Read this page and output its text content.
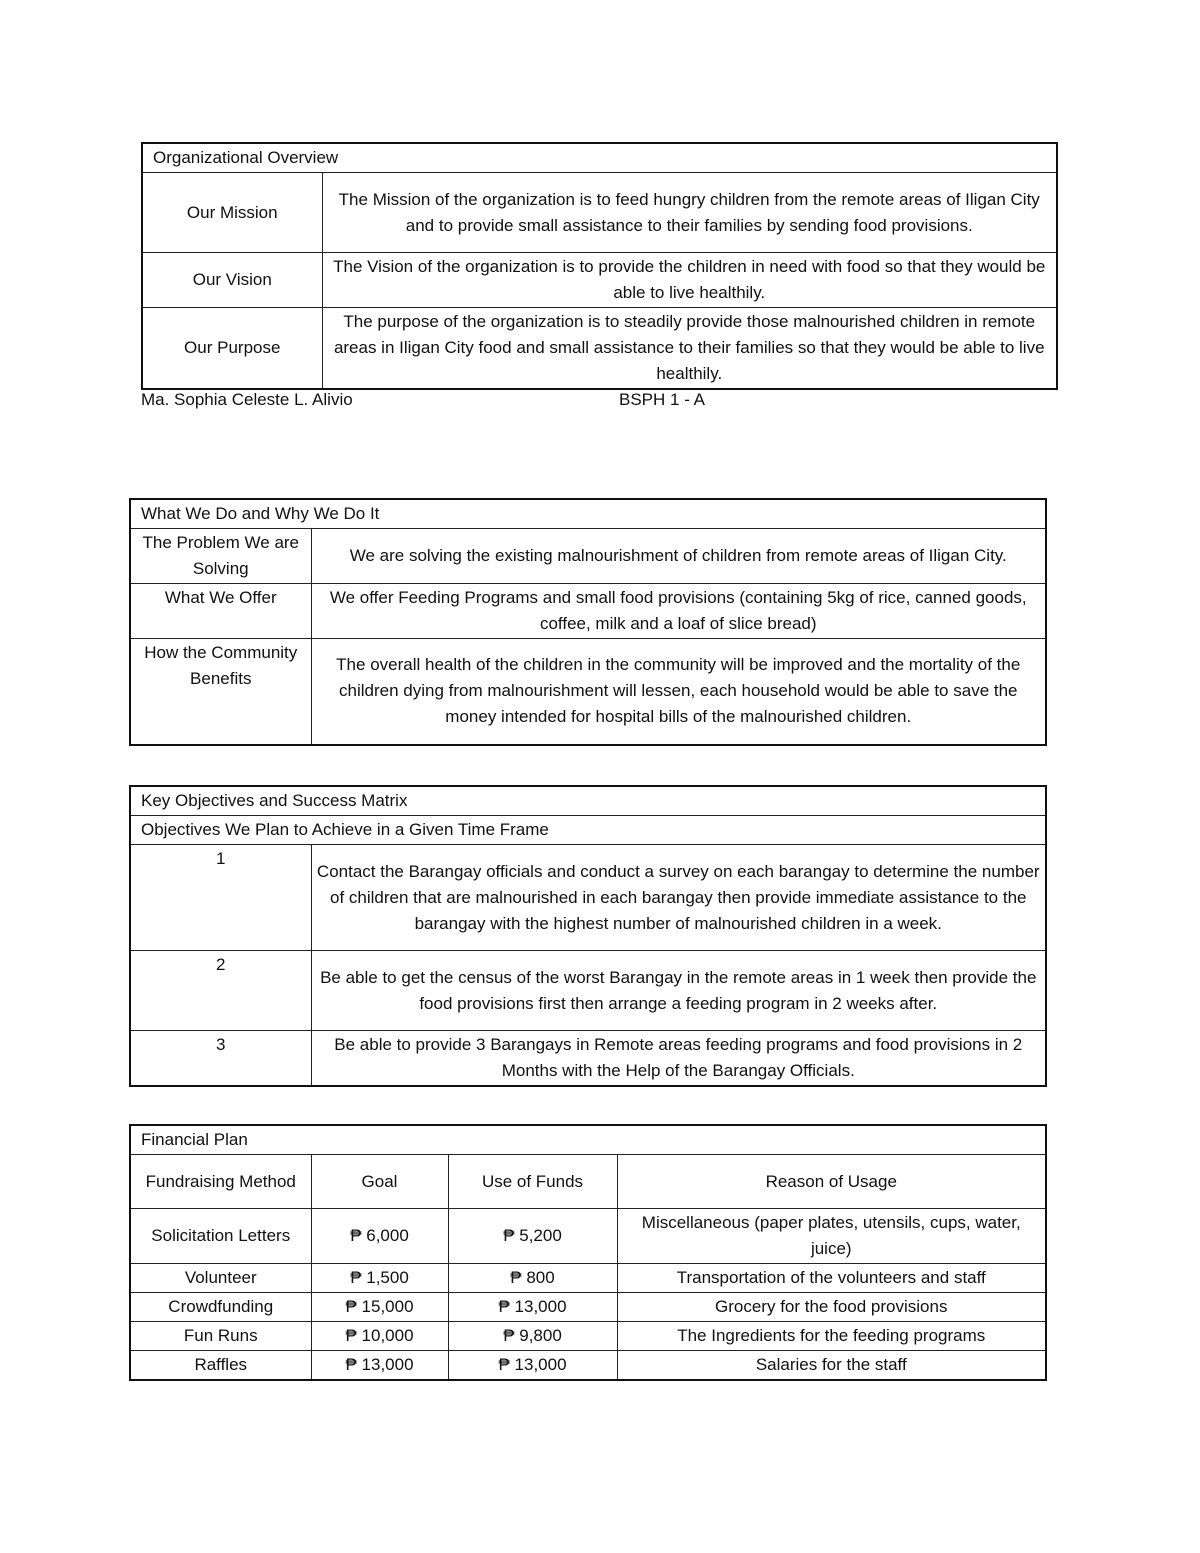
Organizational Overview	
Our Mission	The Mission of the organization is to feed hungry children from the remote areas of Iligan City and to provide small assistance to their families by sending food provisions.
Our Vision	The Vision of the organization is to provide the children in need with food so that they would be able to live healthily.
Our Purpose	The purpose of the organization is to steadily provide those malnourished children in remote areas in Iligan City food and small assistance to their families so that they would be able to live healthily.
Ma. Sophia Celeste L. Alivio	BSPH 1 - A
What We Do and Why We Do It	
The Problem We are Solving	We are solving the existing malnourishment of children from remote areas of Iligan City.
What We Offer	We offer Feeding Programs and small food provisions (containing 5kg of rice, canned goods, coffee, milk and a loaf of slice bread)
How the Community Benefits	The overall health of the children in the community will be improved and the mortality of the children dying from malnourishment will lessen, each household would be able to save the money intended for hospital bills of the malnourished children.
Key Objectives and Success Matrix	
Objectives We Plan to Achieve in a Given Time Frame	
1	Contact the Barangay officials and conduct a survey on each barangay to determine the number of children that are malnourished in each barangay then provide immediate assistance to the barangay with the highest number of malnourished children in a week.
2	Be able to get the census of the worst Barangay in the remote areas in 1 week then provide the food provisions first then arrange a feeding program in 2 weeks after.
3	Be able to provide 3 Barangays in Remote areas feeding programs and food provisions in 2 Months with the Help of the Barangay Officials.
Financial Plan			
Fundraising Method	Goal	Use of Funds	Reason of Usage
Solicitation Letters	₱ 6,000	₱ 5,200	Miscellaneous (paper plates, utensils, cups, water, juice)
Volunteer	₱ 1,500	₱ 800	Transportation of the volunteers and staff
Crowdfunding	₱ 15,000	₱ 13,000	Grocery for the food provisions
Fun Runs	₱ 10,000	₱ 9,800	The Ingredients for the feeding programs
Raffles	₱ 13,000	₱ 13,000	Salaries for the staff
